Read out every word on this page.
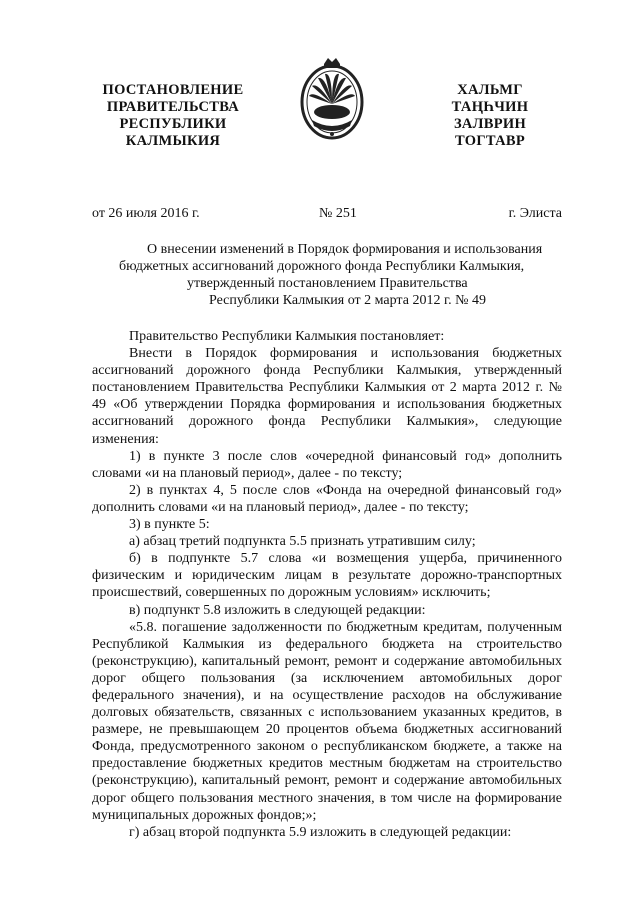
ПОСТАНОВЛЕНИЕ
ПРАВИТЕЛЬСТВА
РЕСПУБЛИКИ
КАЛМЫКИЯ
ХАЛЬМГ
ТАҢҺЧИН
ЗАЛВРИН
ТОГТАВР
от 26 июля 2016 г.	№ 251	г. Элиста
О внесении изменений в Порядок формирования и использования
бюджетных ассигнований дорожного фонда Республики Калмыкия,
утвержденный постановлением Правительства
Республики Калмыкия от 2 марта 2012 г. № 49
Правительство Республики Калмыкия постановляет:
Внести в Порядок формирования и использования бюджетных
ассигнований дорожного фонда Республики Калмыкия, утвержденный
постановлением Правительства Республики Калмыкия от 2 марта 2012 г. №
49 «Об утверждении Порядка формирования и использования бюджетных
ассигнований дорожного фонда Республики Калмыкия», следующие
изменения:
1) в пункте 3 после слов «очередной финансовый год» дополнить
словами «и на плановый период», далее - по тексту;
2) в пунктах 4, 5 после слов «Фонда на очередной финансовый год»
дополнить словами «и на плановый период», далее - по тексту;
3) в пункте 5:
а) абзац третий подпункта 5.5 признать утратившим силу;
б) в подпункте 5.7 слова «и возмещения ущерба, причиненного
физическим и юридическим лицам в результате дорожно-транспортных
происшествий, совершенных по дорожным условиям» исключить;
в) подпункт 5.8 изложить в следующей редакции:
«5.8. погашение задолженности по бюджетным кредитам, полученным
Республикой Калмыкия из федерального бюджета на строительство
(реконструкцию), капитальный ремонт, ремонт и содержание автомобильных
дорог общего пользования (за исключением автомобильных дорог
федерального значения), и на осуществление расходов на обслуживание
долговых обязательств, связанных с использованием указанных кредитов, в
размере, не превышающем 20 процентов объема бюджетных ассигнований
Фонда, предусмотренного законом о республиканском бюджете, а также на
предоставление бюджетных кредитов местным бюджетам на строительство
(реконструкцию), капитальный ремонт, ремонт и содержание автомобильных
дорог общего пользования местного значения, в том числе на формирование
муниципальных дорожных фондов;»;
г) абзац второй подпункта 5.9 изложить в следующей редакции:
